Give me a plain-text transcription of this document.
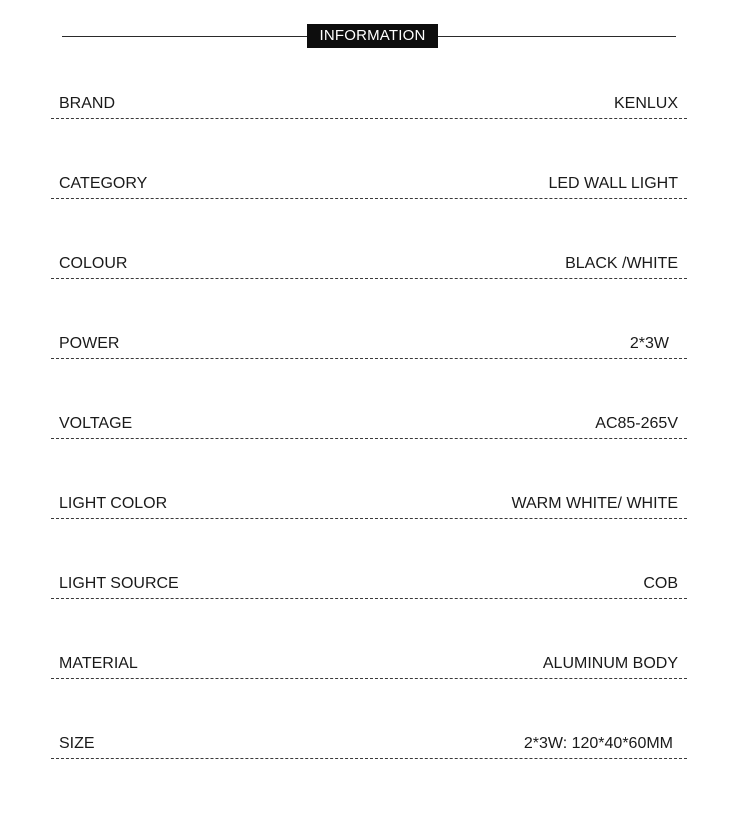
INFORMATION
BRAND	KENLUX
CATEGORY	LED WALL LIGHT
COLOUR	BLACK /WHITE
POWER	2*3W
VOLTAGE	AC85-265V
LIGHT COLOR	WARM WHITE/ WHITE
LIGHT SOURCE	COB
MATERIAL	ALUMINUM BODY
SIZE	2*3W: 120*40*60MM
